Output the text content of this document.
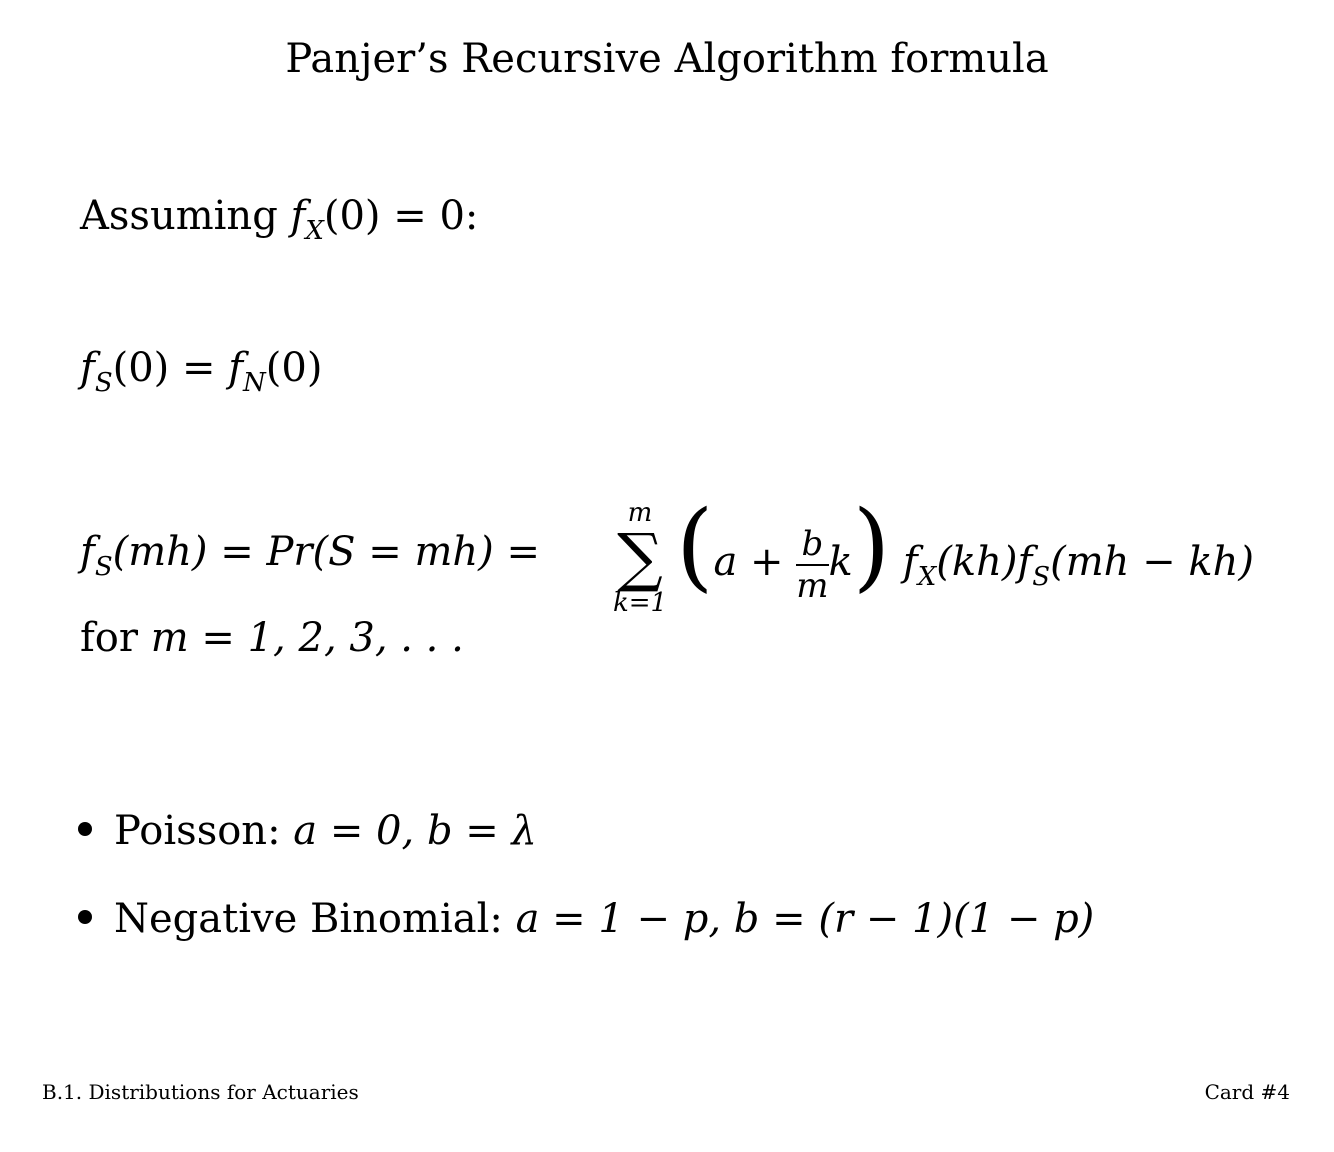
Panjer’s Recursive Algorithm formula
Assuming $f_X(0) = 0$:
$f_S(0) = f_N(0)$
$f_S(mh) = Pr(S = mh)$ =
m
∑
k=1
$(a + \frac{b}{m} k)$ $f_X(kh)f_S(mh - kh)$
for m = 1, 2, 3, . . .
Poisson: a = 0, b = λ
Negative Binomial: a = 1 − p, b = (r − 1)(1 − p)
B.1. Distributions for Actuaries	Card #4
